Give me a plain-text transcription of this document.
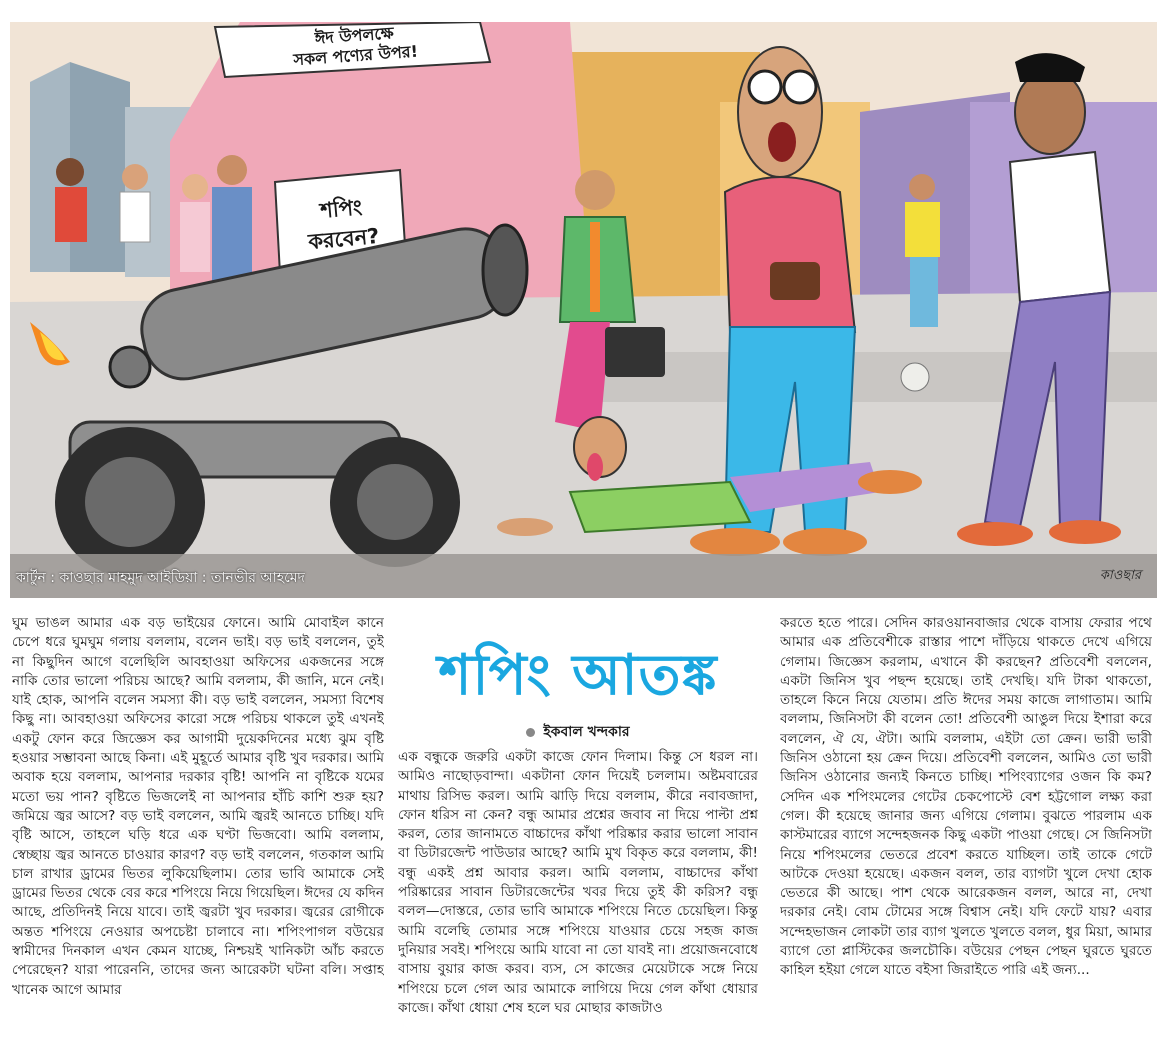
ঈদ উপলক্ষে
সকল পণ্যের উপর!
শপিং
করবেন?
কার্টুন : কাওছার মাহমুদ আইডিয়া : তানভীর আহমেদ	কাওছার

ঘুম ভাঙল আমার এক বড় ভাইয়ের ফোনে। আমি মোবাইল কানে চেপে ধরে ঘুমঘুম গলায় বললাম, বলেন ভাই। বড় ভাই বললেন, তুই না কিছুদিন আগে বলেছিলি আবহাওয়া অফিসের একজনের সঙ্গে নাকি তোর ভালো পরিচয় আছে? আমি বললাম, কী জানি, মনে নেই। যাই হোক, আপনি বলেন সমস্যা কী। বড় ভাই বললেন, সমস্যা বিশেষ কিছু না। আবহাওয়া অফিসের কারো সঙ্গে পরিচয় থাকলে তুই এখনই একটু ফোন করে জিজ্ঞেস কর আগামী দুয়েকদিনের মধ্যে ঝুম বৃষ্টি হওয়ার সম্ভাবনা আছে কিনা। এই মুহূর্তে আমার বৃষ্টি খুব দরকার। আমি অবাক হয়ে বললাম, আপনার দরকার বৃষ্টি! আপনি না বৃষ্টিকে যমের মতো ভয় পান? বৃষ্টিতে ভিজলেই না আপনার হাঁচি কাশি শুরু হয়? জমিয়ে জ্বর আসে? বড় ভাই বললেন, আমি জ্বরই আনতে চাচ্ছি। যদি বৃষ্টি আসে, তাহলে ঘড়ি ধরে এক ঘণ্টা ভিজবো। আমি বললাম, স্বেচ্ছায় জ্বর আনতে চাওয়ার কারণ? বড় ভাই বললেন, গতকাল আমি চাল রাখার ড্রামের ভিতর লুকিয়েছিলাম। তোর ভাবি আমাকে সেই ড্রামের ভিতর থেকে বের করে শপিংয়ে নিয়ে গিয়েছিল। ঈদের যে কদিন আছে, প্রতিদিনই নিয়ে যাবে। তাই জ্বরটা খুব দরকার। জ্বরের রোগীকে অন্তত শপিংয়ে নেওয়ার অপচেষ্টা চালাবে না। শপিংপাগল বউয়ের স্বামীদের দিনকাল এখন কেমন যাচ্ছে, নিশ্চয়ই খানিকটা আঁচ করতে পেরেছেন? যারা পারেননি, তাদের জন্য আরেকটা ঘটনা বলি। সপ্তাহ খানেক আগে আমার

শপিং আতঙ্ক

ইকবাল খন্দকার

এক বন্ধুকে জরুরি একটা কাজে ফোন দিলাম। কিন্তু সে ধরল না। আমিও নাছোড়বান্দা। একটানা ফোন দিয়েই চললাম। অষ্টমবারের মাথায় রিসিভ করল। আমি ঝাড়ি দিয়ে বললাম, কীরে নবাবজাদা, ফোন ধরিস না কেন? বন্ধু আমার প্রশ্নের জবাব না দিয়ে পাল্টা প্রশ্ন করল, তোর জানামতে বাচ্চাদের কাঁথা পরিষ্কার করার ভালো সাবান বা ডিটারজেন্ট পাউডার আছে? আমি মুখ বিকৃত করে বললাম, কী! বন্ধু একই প্রশ্ন আবার করল। আমি বললাম, বাচ্চাদের কাঁথা পরিষ্কারের সাবান ডিটারজেন্টের খবর দিয়ে তুই কী করিস? বন্ধু বলল—দোস্তরে, তোর ভাবি আমাকে শপিংয়ে নিতে চেয়েছিল। কিন্তু আমি বলেছি তোমার সঙ্গে শপিংয়ে যাওয়ার চেয়ে সহজ কাজ দুনিয়ার সবই। শপিংয়ে আমি যাবো না তো যাবই না। প্রয়োজনবোধে বাসায় বুয়ার কাজ করব। ব্যস, সে কাজের মেয়েটাকে সঙ্গে নিয়ে শপিংয়ে চলে গেল আর আমাকে লাগিয়ে দিয়ে গেল কাঁথা ধোয়ার কাজে। কাঁথা ধোয়া শেষ হলে ঘর মোছার কাজটাও

করতে হতে পারে। সেদিন কারওয়ানবাজার থেকে বাসায় ফেরার পথে আমার এক প্রতিবেশীকে রাস্তার পাশে দাঁড়িয়ে থাকতে দেখে এগিয়ে গেলাম। জিজ্ঞেস করলাম, এখানে কী করছেন? প্রতিবেশী বললেন, একটা জিনিস খুব পছন্দ হয়েছে। তাই দেখছি। যদি টাকা থাকতো, তাহলে কিনে নিয়ে যেতাম। প্রতি ঈদের সময় কাজে লাগাতাম। আমি বললাম, জিনিসটা কী বলেন তো! প্রতিবেশী আঙুল দিয়ে ইশারা করে বললেন, ঐ যে, ঐটা। আমি বললাম, এইটা তো ক্রেন। ভারী ভারী জিনিস ওঠানো হয় ক্রেন দিয়ে। প্রতিবেশী বললেন, আমিও তো ভারী জিনিস ওঠানোর জন্যই কিনতে চাচ্ছি। শপিংব্যাগের ওজন কি কম? সেদিন এক শপিংমলের গেটের চেকপোস্টে বেশ হট্টগোল লক্ষ্য করা গেল। কী হয়েছে জানার জন্য এগিয়ে গেলাম। বুঝতে পারলাম এক কাস্টমারের ব্যাগে সন্দেহজনক কিছু একটা পাওয়া গেছে। সে জিনিসটা নিয়ে শপিংমলের ভেতরে প্রবেশ করতে যাচ্ছিল। তাই তাকে গেটে আটকে দেওয়া হয়েছে। একজন বলল, তার ব্যাগটা খুলে দেখা হোক ভেতরে কী আছে। পাশ থেকে আরেকজন বলল, আরে না, দেখা দরকার নেই। বোম টোমের সঙ্গে বিশ্বাস নেই। যদি ফেটে যায়? এবার সন্দেহভাজন লোকটা তার ব্যাগ খুলতে খুলতে বলল, ধুর মিয়া, আমার ব্যাগে তো প্লাস্টিকের জলচৌকি। বউয়ের পেছন পেছন ঘুরতে ঘুরতে কাহিল হইয়া গেলে যাতে বইসা জিরাইতে পারি এই জন্য...
